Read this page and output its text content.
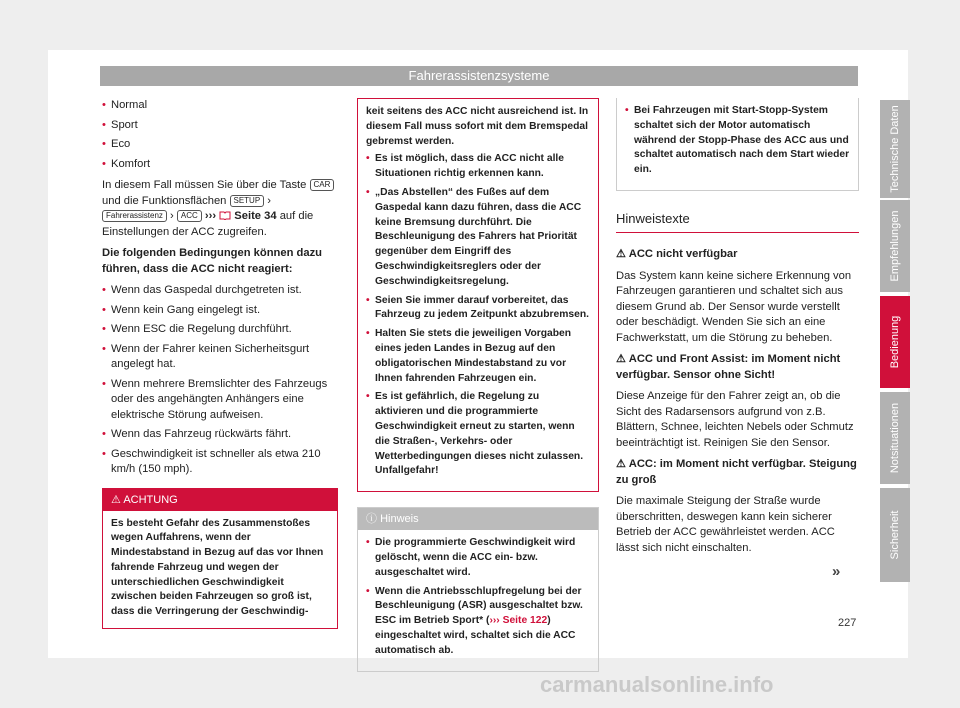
Fahrerassistenzsysteme
• Normal
• Sport
• Eco
• Komfort

In diesem Fall müssen Sie über die Taste CAR und die Funktionsflächen SETUP › Fahrerassistenz › ACC ››› Seite 34 auf die Einstellungen der ACC zugreifen.

Die folgenden Bedingungen können dazu führen, dass die ACC nicht reagiert:

• Wenn das Gaspedal durchgetreten ist.
• Wenn kein Gang eingelegt ist.
• Wenn ESC die Regelung durchführt.
• Wenn der Fahrer keinen Sicherheitsgurt angelegt hat.
• Wenn mehrere Bremslichter des Fahrzeugs oder des angehängten Anhängers eine elektrische Störung aufweisen.
• Wenn das Fahrzeug rückwärts fährt.
• Geschwindigkeit ist schneller als etwa 210 km/h (150 mph).
⚠ ACHTUNG
Es besteht Gefahr des Zusammenstoßes wegen Auffahrens, wenn der Mindestabstand in Bezug auf das vor Ihnen fahrende Fahrzeug und wegen der unterschiedlichen Geschwindigkeit zwischen beiden Fahrzeugen so groß ist, dass die Verringerung der Geschwindig-

keit seitens des ACC nicht ausreichend ist. In diesem Fall muss sofort mit dem Bremspedal gebremst werden.

• Es ist möglich, dass die ACC nicht alle Situationen richtig erkennen kann.
• „Das Abstellen“ des Fußes auf dem Gaspedal kann dazu führen, dass die ACC keine Bremsung durchführt. Die Beschleunigung des Fahrers hat Priorität gegenüber dem Eingriff des Geschwindigkeitsreglers oder der Geschwindigkeitsregelung.
• Seien Sie immer darauf vorbereitet, das Fahrzeug zu jedem Zeitpunkt abzubremsen.
• Halten Sie stets die jeweiligen Vorgaben eines jeden Landes in Bezug auf den obligatorischen Mindestabstand zu vor Ihnen fahrenden Fahrzeugen ein.
• Es ist gefährlich, die Regelung zu aktivieren und die programmierte Geschwindigkeit erneut zu starten, wenn die Straßen-, Verkehrs- oder Wetterbedingungen dieses nicht zulassen. Unfallgefahr!
ⓘ Hinweis
• Die programmierte Geschwindigkeit wird gelöscht, wenn die ACC ein- bzw. ausgeschaltet wird.
• Wenn die Antriebsschlupfregelung bei der Beschleunigung (ASR) ausgeschaltet bzw. ESC im Betrieb Sport* (››› Seite 122) eingeschaltet wird, schaltet sich die ACC automatisch ab.
• Bei Fahrzeugen mit Start-Stopp-System schaltet sich der Motor automatisch während der Stopp-Phase des ACC aus und schaltet automatisch nach dem Start wieder ein.
Hinweistexte

⚠ ACC nicht verfügbar

Das System kann keine sichere Erkennung von Fahrzeugen garantieren und schaltet sich aus diesem Grund ab. Der Sensor wurde verstellt oder beschädigt. Wenden Sie sich an eine Fachwerkstatt, um die Störung zu beheben.

⚠ ACC und Front Assist: im Moment nicht verfügbar. Sensor ohne Sicht!

Diese Anzeige für den Fahrer zeigt an, ob die Sicht des Radarsensors aufgrund von z.B. Blättern, Schnee, leichten Nebels oder Schmutz beeinträchtigt ist. Reinigen Sie den Sensor.

⚠ ACC: im Moment nicht verfügbar. Steigung zu groß

Die maximale Steigung der Straße wurde überschritten, deswegen kann kein sicherer Betrieb der ACC gewährleistet werden. ACC lässt sich nicht einschalten.

»
Technische Daten
Empfehlungen
Bedienung
Notsituationen
Sicherheit
227
carmanualsonline.info
